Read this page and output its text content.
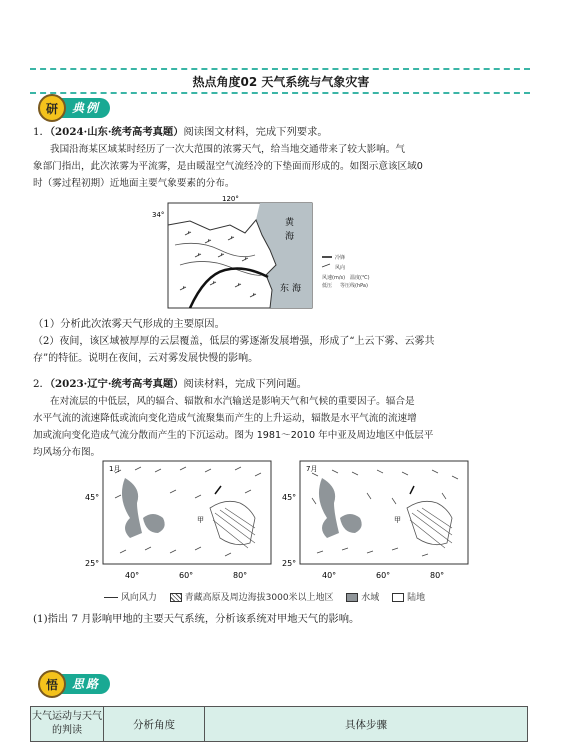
热点角度02 天气系统与气象灾害
研	典例
1．（2024·山东·统考高考真题）阅读图文材料，完成下列要求。
我国沿海某区域某时经历了一次大范围的浓雾天气，给当地交通带来了较大影响。气
象部门指出，此次浓雾为平流雾，是由暖湿空气流经冷的下垫面而形成的。如图示意该区域0
时（雾过程初期）近地面主要气象要素的分布。
34°
120°
黄
海
东 海
冷锋
风向
风速(m/s) 温度(℃)
低压 等压线(hPa)
（1）分析此次浓雾天气形成的主要原因。
（2）夜间，该区域被厚厚的云层覆盖，低层的雾逐渐发展增强，形成了“上云下雾、云雾共
存”的特征。说明在夜间，云对雾发展快慢的影响。
2．（2023·辽宁·统考高考真题）阅读材料，完成下列问题。
在对流层的中低层，风的辐合、辐散和水汽输送是影响天气和气候的重要因子。辐合是
水平气流的流速降低或流向变化造成气流聚集而产生的上升运动，辐散是水平气流的流速增
加或流向变化造成气流分散而产生的下沉运动。图为 1981～2010 年中亚及周边地区中低层平
均风场分布图。
1月
甲
45°
25°
40°	60°	80°
7月
甲
45°
25°
40°	60°	80°
风向风力	青藏高原及周边海拔3000米以上地区	水域	陆地
(1)指出 7 月影响甲地的主要天气系统，分析该系统对甲地天气的影响。
悟	思路
大气运动与天气的判读	分析角度	具体步骤
